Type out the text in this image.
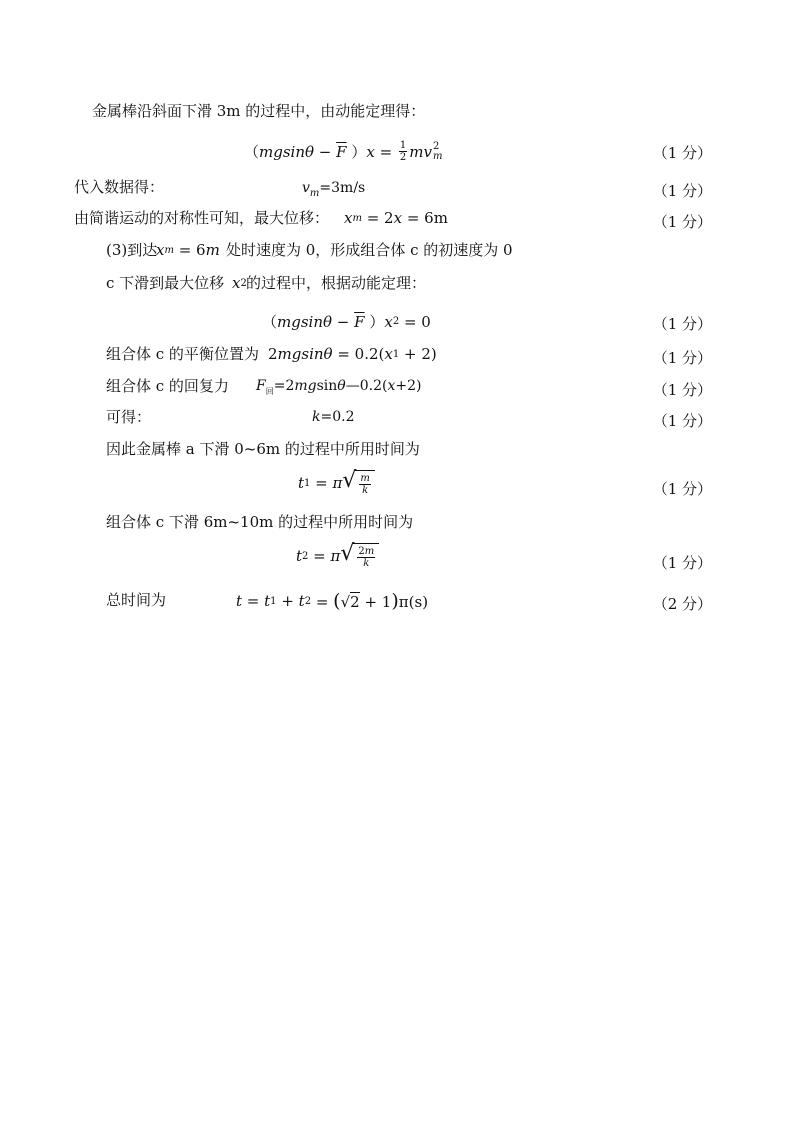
金属棒沿斜面下滑 3m 的过程中，由动能定理得：
（ $mgsin\theta - \overline{F}$ ） $x = \frac{1}{2}$ mv 2
m	（1 分）
代入数据得：	$v_m=3m/s$	（1 分）
由简谐运动的对称性可知，最大位移： x m = 2 x = 6m	（1 分）
(3)到达
x m = 6 m 处时速度为 0，形成组合体 c 的初速度为 0
c 下滑到最大位移 x 2 的过程中，根据动能定理：
（ $mgsin\theta - \overline{F}$ ） x 2 = 0	（1 分）
组合体 c 的平衡位置为 2 mgsinθ = 0.2( x 1 + 2)	（1 分）
组合体 c 的回复力 $F_回=2mgsin\theta—0.2(x+2)$	（1 分）
可得：	k=0.2	（1 分）
因此金属棒 a 下滑 0~6m 的过程中所用时间为
t 1 = π √ $\frac{m}{k}$	（1 分）
组合体 c 下滑 6m~10m 的过程中所用时间为
t 2 = π √ $\frac{2m}{k}$	（1 分）
总时间为	t = t 1 + t 2 = (√2 + 1)π(s)	（2 分）
